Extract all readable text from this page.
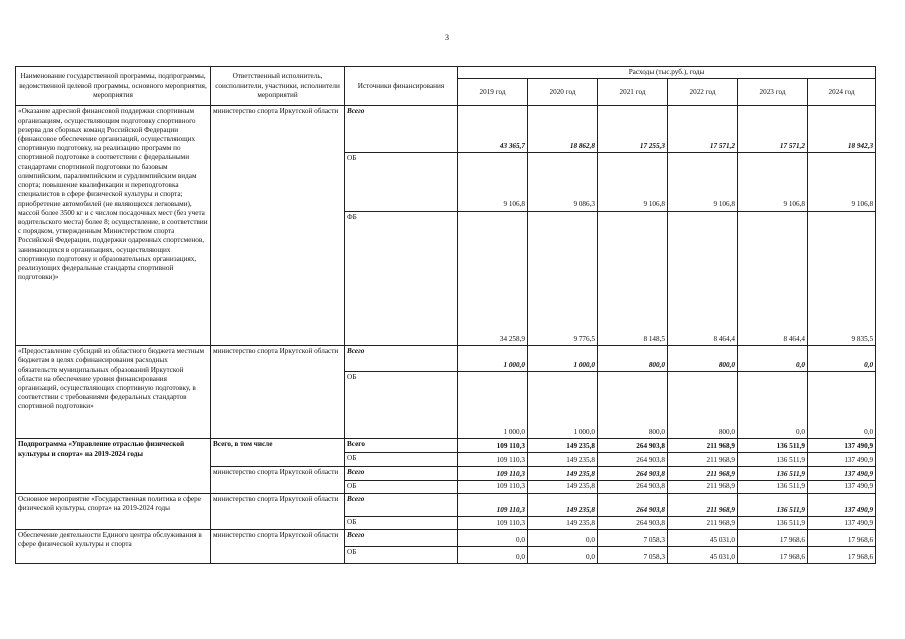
3
Наименование государственной программы, подпрограммы, ведомственной целевой программы, основного мероприятия, мероприятия	Ответственный исполнитель, соисполнители, участники, исполнители мероприятий	Источники финансирования	Расходы (тыс.руб.), годы					
			2019 год	2020 год	2021 год	2022 год	2023 год	2024 год
«Оказание адресной финансовой поддержки спортивным организациям, осуществляющим подготовку спортивного резерва для сборных команд Российской Федерации (финансовое обеспечение организаций, осуществляющих спортивную подготовку, на реализацию программ по спортивной подготовке в соответствии с федеральными стандартами спортивной подготовки по базовым олимпийским, паралимпийским и сурдлимпийским видам спорта; повышение квалификации и переподготовка специалистов в сфере физической культуры и спорта; приобретение автомобилей (не являющихся легковыми), массой более 3500 кг и с числом посадочных мест (без учета водительского места) более 8; осуществление, в соответствии с порядком, утвержденным Министерством спорта Российской Федерации, поддержки одаренных спортсменов, занимающихся в организациях, осуществляющих спортивную подготовку и образовательных организациях, реализующих федеральные стандарты спортивной подготовки)»	министерство спорта Иркутской области	Всего	43 365,7	18 862,8	17 255,3	17 571,2	17 571,2	18 942,3
		ОБ	9 106,8	9 086,3	9 106,8	9 106,8	9 106,8	9 106,8
		ФБ	34 258,9	9 776,5	8 148,5	8 464,4	8 464,4	9 835,5
«Предоставление субсидий из областного бюджета местным бюджетам в целях софинансирования расходных обязательств муниципальных образований Иркутской области на обеспечение уровня финансирования организаций, осуществляющих спортивную подготовку, в соответствии с требованиями федеральных стандартов спортивной подготовки»	министерство спорта Иркутской области	Всего	1 000,0	1 000,0	800,0	800,0	0,0	0,0
		ОБ	1 000,0	1 000,0	800,0	800,0	0,0	0,0
Подпрограмма «Управление отраслью физической культуры и спорта» на 2019-2024 годы	Всего, в том числе	Всего	109 110,3	149 235,8	264 903,8	211 968,9	136 511,9	137 490,9
		ОБ	109 110,3	149 235,8	264 903,8	211 968,9	136 511,9	137 490,9
	министерство спорта Иркутской области	Всего	109 110,3	149 235,8	264 903,8	211 968,9	136 511,9	137 490,9
		ОБ	109 110,3	149 235,8	264 903,8	211 968,9	136 511,9	137 490,9
Основное мероприятие «Государственная политика в сфере физической культуры, спорта» на 2019-2024 годы	министерство спорта Иркутской области	Всего	109 110,3	149 235,8	264 903,8	211 968,9	136 511,9	137 490,9
		ОБ	109 110,3	149 235,8	264 903,8	211 968,9	136 511,9	137 490,9
Обеспечение деятельности Единого центра обслуживания в сфере физической культуры и спорта	министерство спорта Иркутской области	Всего	0,0	0,0	7 058,3	45 031,0	17 968,6	17 968,6
		ОБ	0,0	0,0	7 058,3	45 031,0	17 968,6	17 968,6
